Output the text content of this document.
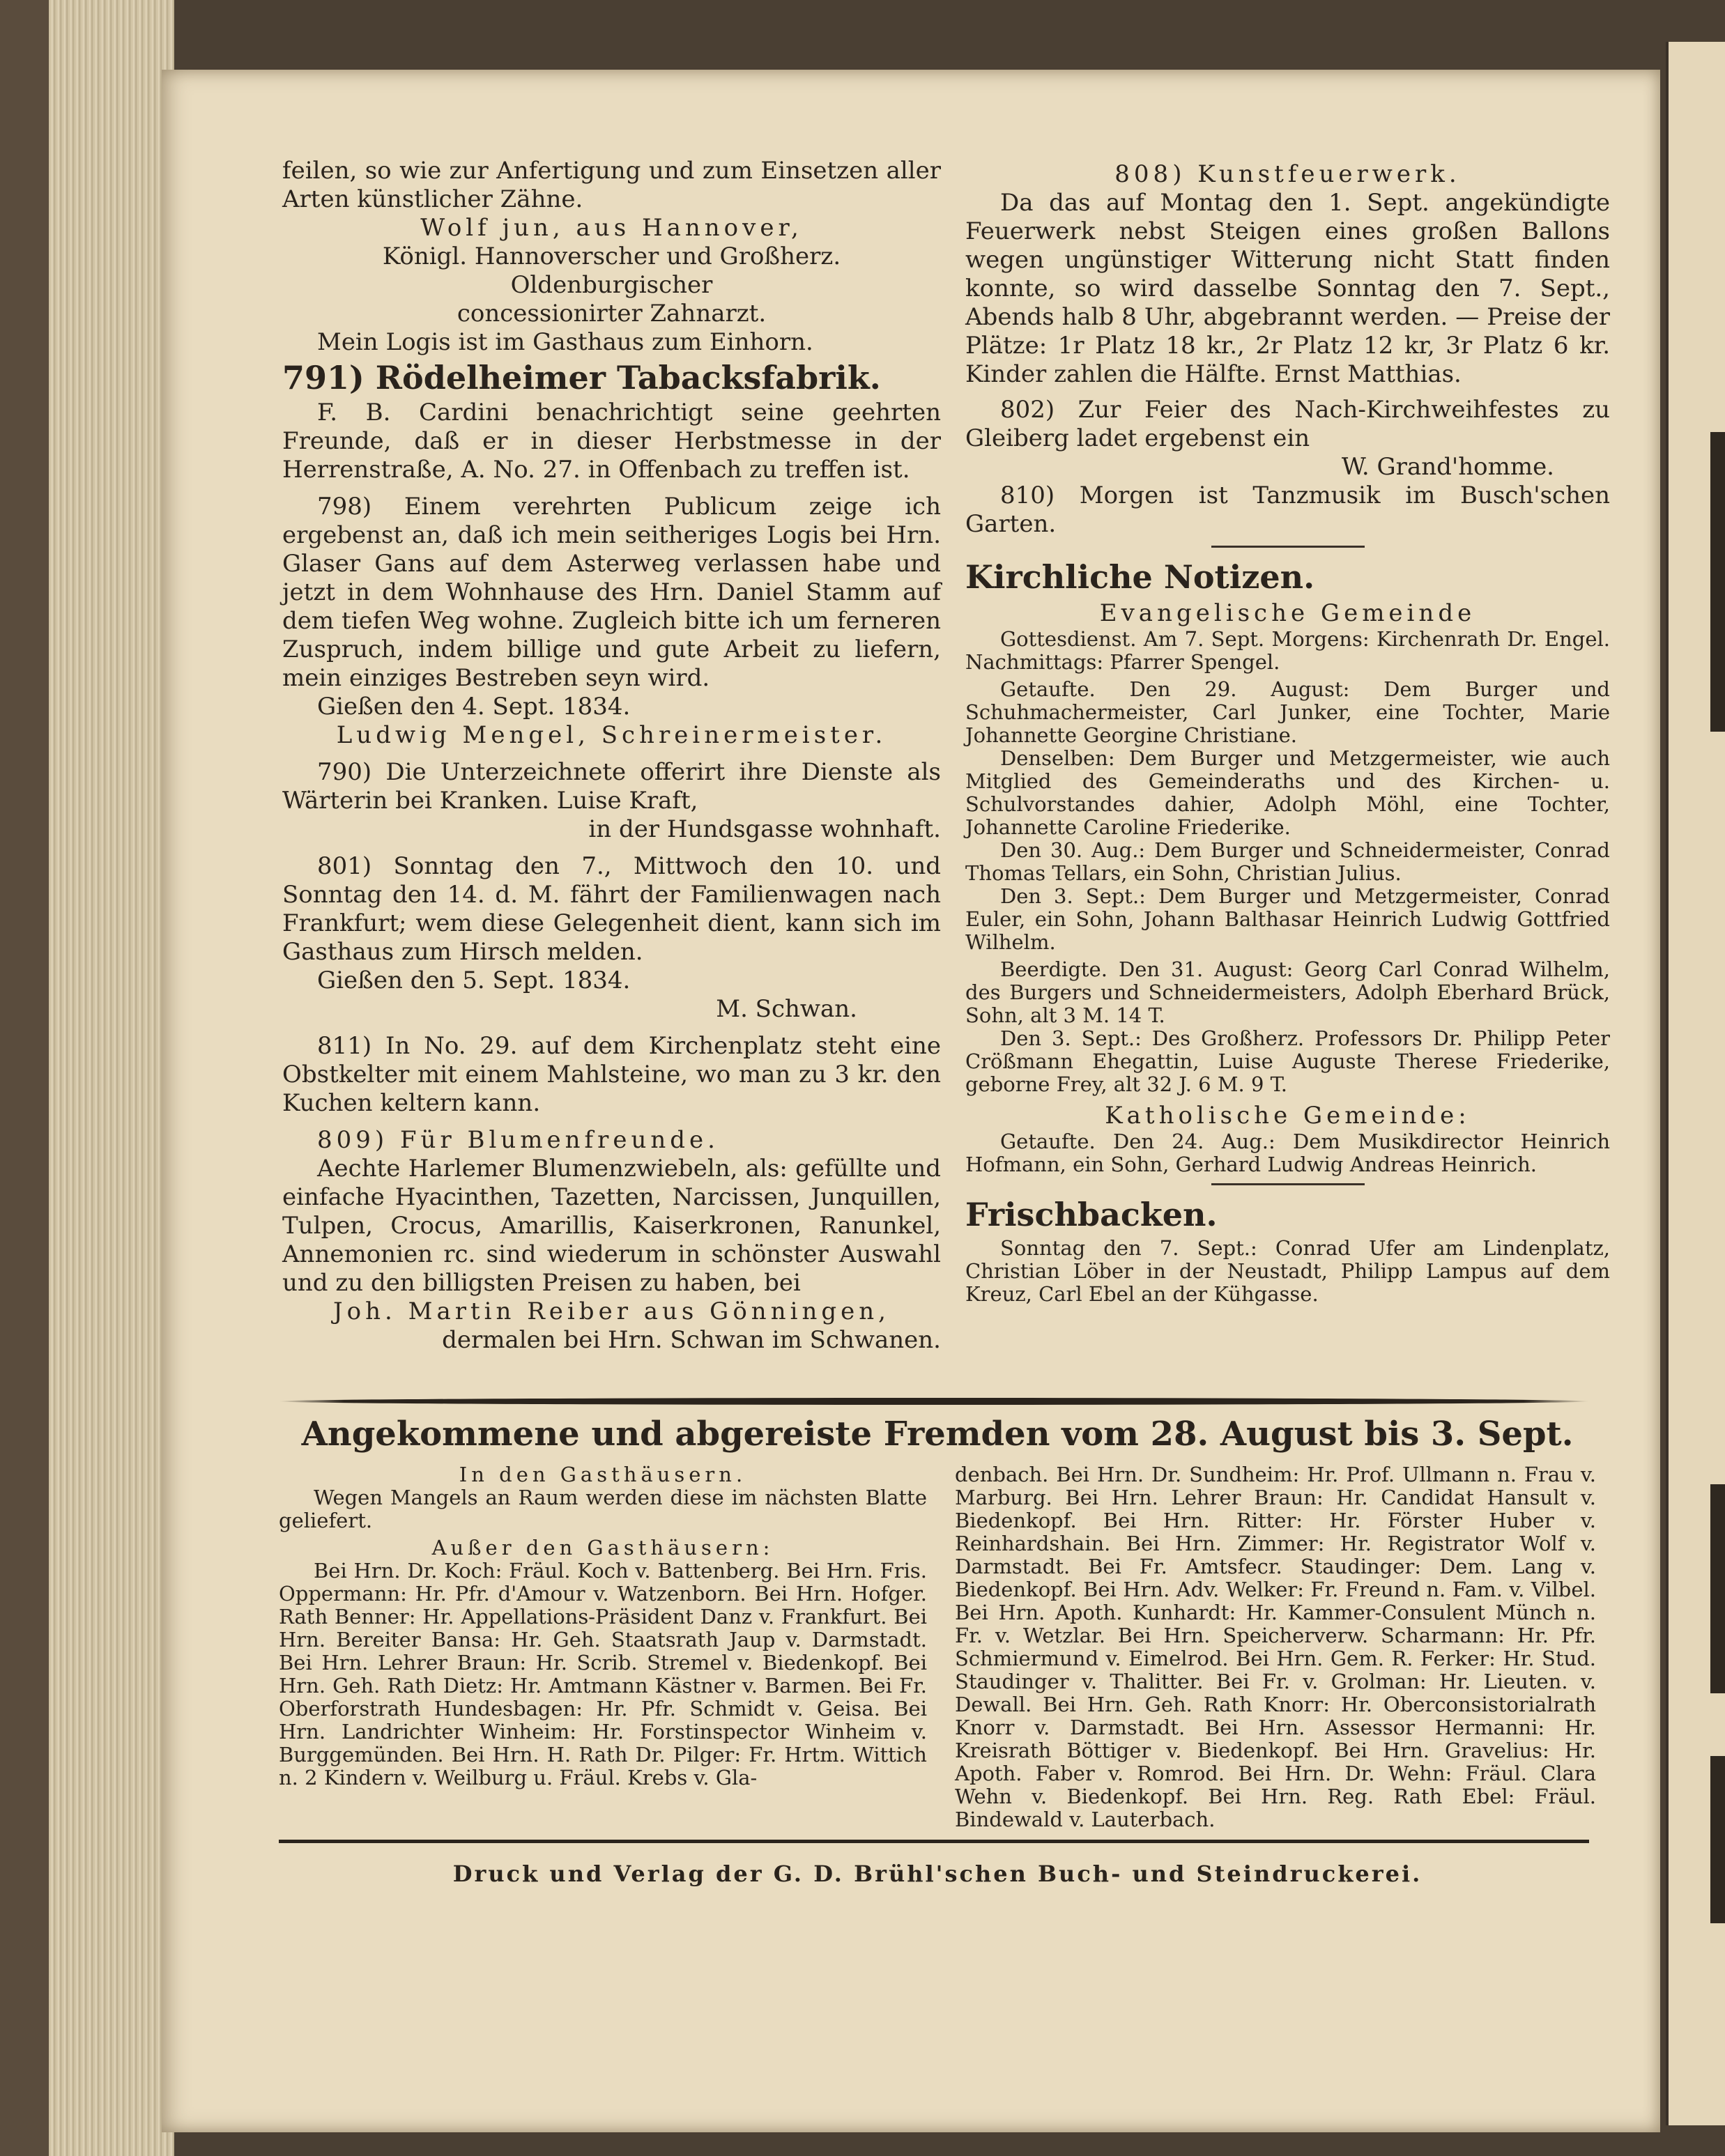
feilen, so wie zur Anfertigung und zum Einsetzen aller Arten künstlicher Zähne.

Wolf jun, aus Hannover,

Königl. Hannoverscher und Großherz. Oldenburgischer

concessionirter Zahnarzt.

Mein Logis ist im Gasthaus zum Einhorn.

791) Rödelheimer Tabacksfabrik.

F. B. Cardini benachrichtigt seine geehrten Freunde, daß er in dieser Herbstmesse in der Herrenstraße, A. No. 27. in Offenbach zu treffen ist.

798) Einem verehrten Publicum zeige ich ergebenst an, daß ich mein seitheriges Logis bei Hrn. Glaser Gans auf dem Asterweg verlassen habe und jetzt in dem Wohnhause des Hrn. Daniel Stamm auf dem tiefen Weg wohne. Zugleich bitte ich um ferneren Zuspruch, indem billige und gute Arbeit zu liefern, mein einziges Bestreben seyn wird.

Gießen den 4. Sept. 1834.

Ludwig Mengel, Schreinermeister.

790) Die Unterzeichnete offerirt ihre Dienste als Wärterin bei Kranken. Luise Kraft,

in der Hundsgasse wohnhaft.

801) Sonntag den 7., Mittwoch den 10. und Sonntag den 14. d. M. fährt der Familienwagen nach Frankfurt; wem diese Gelegenheit dient, kann sich im Gasthaus zum Hirsch melden.

Gießen den 5. Sept. 1834.

M. Schwan.

811) In No. 29. auf dem Kirchenplatz steht eine Obstkelter mit einem Mahlsteine, wo man zu 3 kr. den Kuchen keltern kann.

809) Für Blumenfreunde.

Aechte Harlemer Blumenzwiebeln, als: gefüllte und einfache Hyacinthen, Tazetten, Narcissen, Junquillen, Tulpen, Crocus, Amarillis, Kaiserkronen, Ranunkel, Annemonien rc. sind wiederum in schönster Auswahl und zu den billigsten Preisen zu haben, bei

Joh. Martin Reiber aus Gönningen,

dermalen bei Hrn. Schwan im Schwanen.

808) Kunstfeuerwerk.

Da das auf Montag den 1. Sept. angekündigte Feuerwerk nebst Steigen eines großen Ballons wegen ungünstiger Witterung nicht Statt finden konnte, so wird dasselbe Sonntag den 7. Sept., Abends halb 8 Uhr, abgebrannt werden. — Preise der Plätze: 1r Platz 18 kr., 2r Platz 12 kr, 3r Platz 6 kr. Kinder zahlen die Hälfte. Ernst Matthias.

802) Zur Feier des Nach-Kirchweihfestes zu Gleiberg ladet ergebenst ein

W. Grand'homme.

810) Morgen ist Tanzmusik im Busch'schen Garten.

Kirchliche Notizen.

Evangelische Gemeinde

Gottesdienst. Am 7. Sept. Morgens: Kirchenrath Dr. Engel. Nachmittags: Pfarrer Spengel.

Getaufte. Den 29. August: Dem Burger und Schuhmachermeister, Carl Junker, eine Tochter, Marie Johannette Georgine Christiane.

Denselben: Dem Burger und Metzgermeister, wie auch Mitglied des Gemeinderaths und des Kirchen- u. Schulvorstandes dahier, Adolph Möhl, eine Tochter, Johannette Caroline Friederike.

Den 30. Aug.: Dem Burger und Schneidermeister, Conrad Thomas Tellars, ein Sohn, Christian Julius.

Den 3. Sept.: Dem Burger und Metzgermeister, Conrad Euler, ein Sohn, Johann Balthasar Heinrich Ludwig Gottfried Wilhelm.

Beerdigte. Den 31. August: Georg Carl Conrad Wilhelm, des Burgers und Schneidermeisters, Adolph Eberhard Brück, Sohn, alt 3 M. 14 T.

Den 3. Sept.: Des Großherz. Professors Dr. Philipp Peter Crößmann Ehegattin, Luise Auguste Therese Friederike, geborne Frey, alt 32 J. 6 M. 9 T.

Katholische Gemeinde:

Getaufte. Den 24. Aug.: Dem Musikdirector Heinrich Hofmann, ein Sohn, Gerhard Ludwig Andreas Heinrich.

Frischbacken.

Sonntag den 7. Sept.: Conrad Ufer am Lindenplatz, Christian Löber in der Neustadt, Philipp Lampus auf dem Kreuz, Carl Ebel an der Kühgasse.

Angekommene und abgereiste Fremden vom 28. August bis 3. Sept.

In den Gasthäusern.

Wegen Mangels an Raum werden diese im nächsten Blatte geliefert.

Außer den Gasthäusern:

Bei Hrn. Dr. Koch: Fräul. Koch v. Battenberg. Bei Hrn. Fris. Oppermann: Hr. Pfr. d'Amour v. Watzenborn. Bei Hrn. Hofger. Rath Benner: Hr. Appellations-Präsident Danz v. Frankfurt. Bei Hrn. Bereiter Bansa: Hr. Geh. Staatsrath Jaup v. Darmstadt. Bei Hrn. Lehrer Braun: Hr. Scrib. Stremel v. Biedenkopf. Bei Hrn. Geh. Rath Dietz: Hr. Amtmann Kästner v. Barmen. Bei Fr. Oberforstrath Hundesbagen: Hr. Pfr. Schmidt v. Geisa. Bei Hrn. Landrichter Winheim: Hr. Forstinspector Winheim v. Burggemünden. Bei Hrn. H. Rath Dr. Pilger: Fr. Hrtm. Wittich n. 2 Kindern v. Weilburg u. Fräul. Krebs v. Gla-

denbach. Bei Hrn. Dr. Sundheim: Hr. Prof. Ullmann n. Frau v. Marburg. Bei Hrn. Lehrer Braun: Hr. Candidat Hansult v. Biedenkopf. Bei Hrn. Ritter: Hr. Förster Huber v. Reinhardshain. Bei Hrn. Zimmer: Hr. Registrator Wolf v. Darmstadt. Bei Fr. Amtsfecr. Staudinger: Dem. Lang v. Biedenkopf. Bei Hrn. Adv. Welker: Fr. Freund n. Fam. v. Vilbel. Bei Hrn. Apoth. Kunhardt: Hr. Kammer-Consulent Münch n. Fr. v. Wetzlar. Bei Hrn. Speicherverw. Scharmann: Hr. Pfr. Schmiermund v. Eimelrod. Bei Hrn. Gem. R. Ferker: Hr. Stud. Staudinger v. Thalitter. Bei Fr. v. Grolman: Hr. Lieuten. v. Dewall. Bei Hrn. Geh. Rath Knorr: Hr. Oberconsistorialrath Knorr v. Darmstadt. Bei Hrn. Assessor Hermanni: Hr. Kreisrath Böttiger v. Biedenkopf. Bei Hrn. Gravelius: Hr. Apoth. Faber v. Romrod. Bei Hrn. Dr. Wehn: Fräul. Clara Wehn v. Biedenkopf. Bei Hrn. Reg. Rath Ebel: Fräul. Bindewald v. Lauterbach.

Druck und Verlag der G. D. Brühl'schen Buch- und Steindruckerei.
